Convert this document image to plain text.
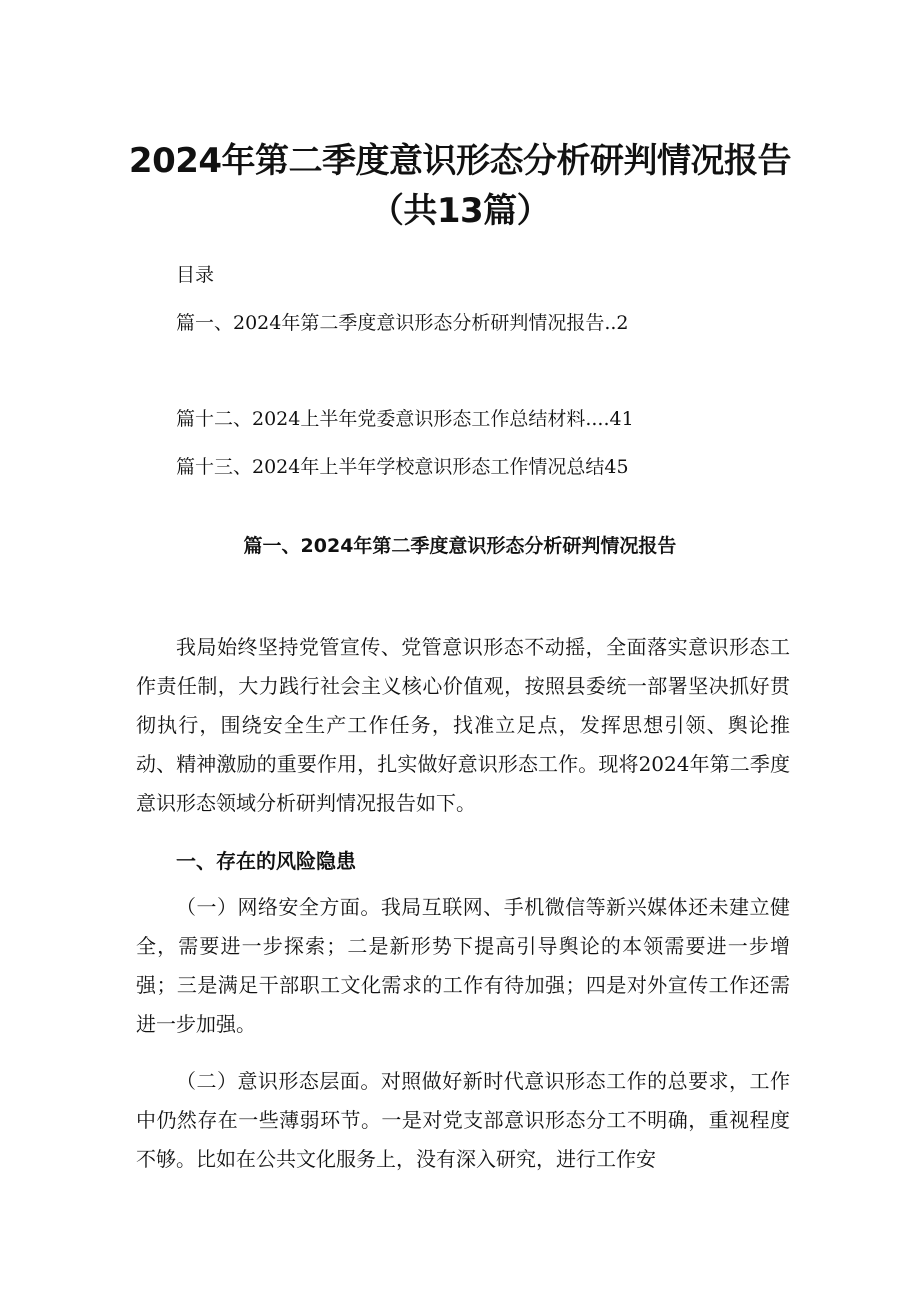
2024年第二季度意识形态分析研判情况报告（共13篇）

目录

篇一、2024年第二季度意识形态分析研判情况报告..2

篇十二、2024上半年党委意识形态工作总结材料....41

篇十三、2024年上半年学校意识形态工作情况总结45

篇一、2024年第二季度意识形态分析研判情况报告

我局始终坚持党管宣传、党管意识形态不动摇，全面落实意识形态工作责任制，大力践行社会主义核心价值观，按照县委统一部署坚决抓好贯彻执行，围绕安全生产工作任务，找准立足点，发挥思想引领、舆论推动、精神激励的重要作用，扎实做好意识形态工作。现将2024年第二季度意识形态领域分析研判情况报告如下。

一、存在的风险隐患

（一）网络安全方面。我局互联网、手机微信等新兴媒体还未建立健全，需要进一步探索；二是新形势下提高引导舆论的本领需要进一步增强；三是满足干部职工文化需求的工作有待加强；四是对外宣传工作还需进一步加强。

（二）意识形态层面。对照做好新时代意识形态工作的总要求，工作中仍然存在一些薄弱环节。一是对党支部意识形态分工不明确，重视程度不够。比如在公共文化服务上，没有深入研究，进行工作安
